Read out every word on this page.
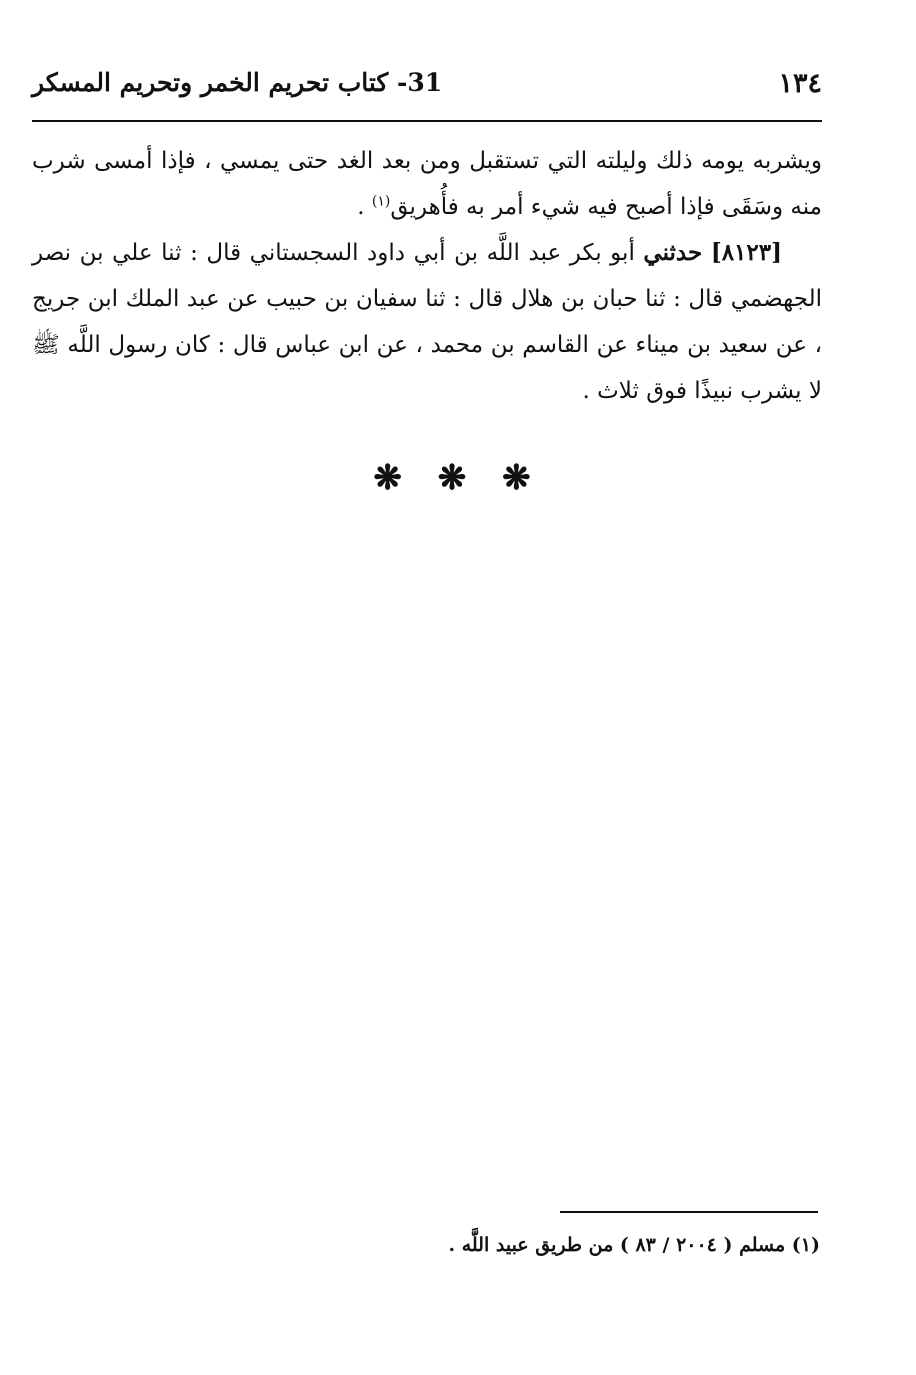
١٣٤
31- كتاب تحريم الخمر وتحريم المسكر

ويشربه يومه ذلك وليلته التي تستقبل ومن بعد الغد حتى يمسي ، فإذا أمسى شرب منه وسَقَى فإذا أصبح فيه شيء أمر به فأُهريق$^{(١)}$ .

[٨١٢٣] حدثني أبو بكر عبد اللَّه بن أبي داود السجستاني قال : ثنا علي بن نصر الجهضمي قال : ثنا حبان بن هلال قال : ثنا سفيان بن حبيب عن عبد الملك ابن جريج ، عن سعيد بن ميناء عن القاسم بن محمد ، عن ابن عباس قال : كان رسول اللَّه ﷺ لا يشرب نبيذًا فوق ثلاث .

❋ ❋ ❋
(١) مسلم ( ٢٠٠٤ / ٨٣ ) من طريق عبيد اللَّه .
